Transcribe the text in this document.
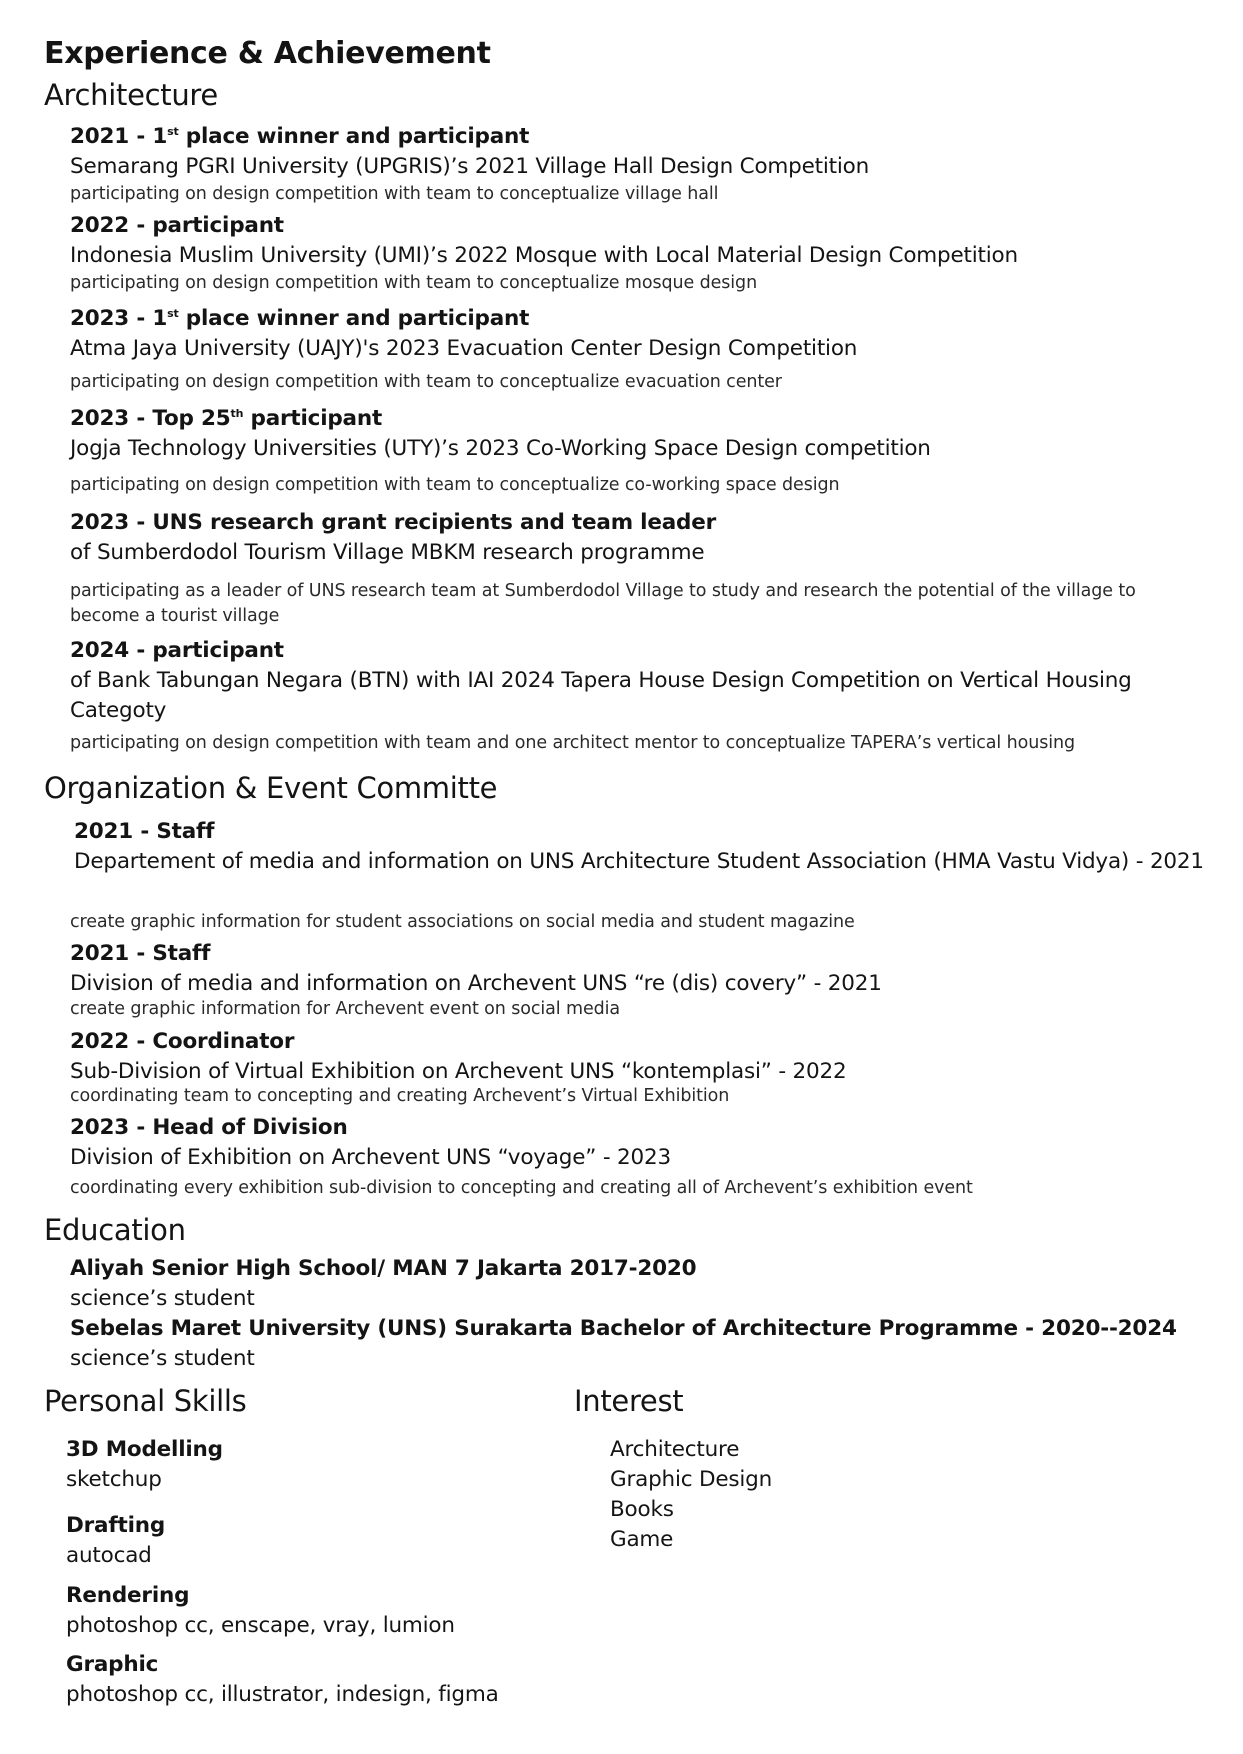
Experience & Achievement
Architecture
2021 - 1st place winner and participant
Semarang PGRI University (UPGRIS)’s 2021 Village Hall Design Competition
participating on design competition with team to conceptualize village hall
2022 - participant
Indonesia Muslim University (UMI)’s 2022 Mosque with Local Material Design Competition
participating on design competition with team to conceptualize mosque design
2023 - 1st place winner and participant
Atma Jaya University (UAJY)'s 2023 Evacuation Center Design Competition
participating on design competition with team to conceptualize evacuation center
2023 - Top 25th participant
Jogja Technology Universities (UTY)’s 2023 Co-Working Space Design competition
participating on design competition with team to conceptualize co-working space design
2023 - UNS research grant recipients and team leader
of Sumberdodol Tourism Village MBKM research programme
participating as a leader of UNS research team at Sumberdodol Village to study and research the potential of the village to become a tourist village
2024 - participant
of Bank Tabungan Negara (BTN) with IAI 2024 Tapera House Design Competition on Vertical Housing Categoty
participating on design competition with team and one architect mentor to conceptualize TAPERA’s vertical housing
Organization & Event Committe
2021 - Staff
Departement of media and information on UNS Architecture Student Association (HMA Vastu Vidya) - 2021
create graphic information for student associations on social media and student magazine
2021 - Staff
Division of media and information on Archevent UNS “re (dis) covery” - 2021
create graphic information for Archevent event on social media
2022 - Coordinator
Sub-Division of Virtual Exhibition on Archevent UNS “kontemplasi” - 2022
coordinating team to concepting and creating Archevent’s Virtual Exhibition
2023 - Head of Division
Division of Exhibition on Archevent UNS “voyage” - 2023
coordinating every exhibition sub-division to concepting and creating all of Archevent’s exhibition event
Education
Aliyah Senior High School/ MAN 7 Jakarta 2017-2020
science’s student
Sebelas Maret University (UNS) Surakarta Bachelor of Architecture Programme - 2020--2024
science’s student
Personal Skills
3D Modelling
sketchup
Drafting
autocad
Rendering
photoshop cc, enscape, vray, lumion
Graphic
photoshop cc, illustrator, indesign, figma
Interest
Architecture
Graphic Design
Books
Game
